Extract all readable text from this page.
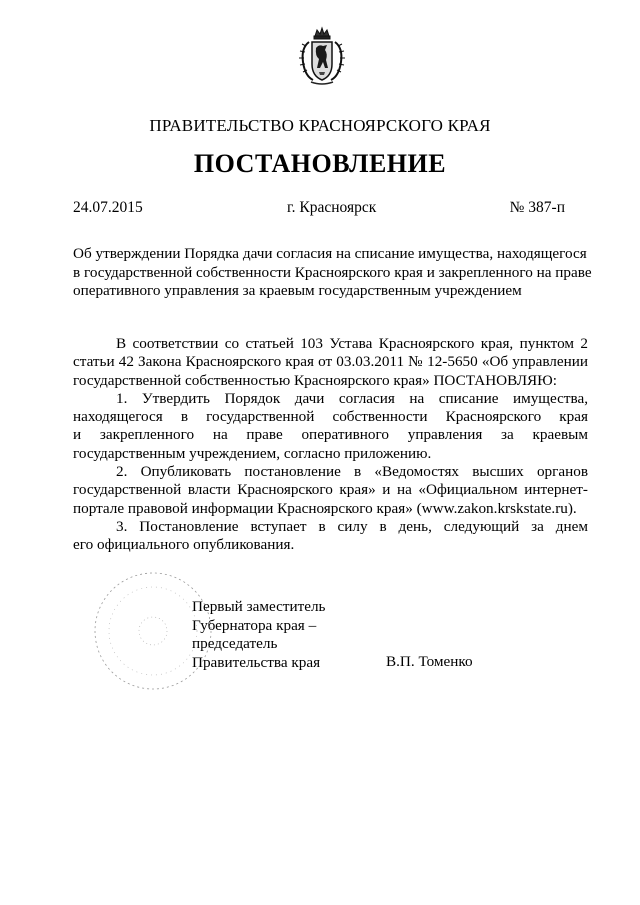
ПРАВИТЕЛЬСТВО КРАСНОЯРСКОГО КРАЯ
ПОСТАНОВЛЕНИЕ
24.07.2015	г. Красноярск	№ 387-п
Об утверждении Порядка дачи согласия на списание имущества, находящегося
в государственной собственности Красноярского края и закрепленного на праве
оперативного управления за краевым государственным учреждением
В соответствии со статьей 103 Устава Красноярского края, пунктом 2
статьи 42 Закона Красноярского края от 03.03.2011 № 12-5650 «Об управлении
государственной собственностью Красноярского края» ПОСТАНОВЛЯЮ:
1. Утвердить Порядок дачи согласия на списание имущества,
находящегося в государственной собственности Красноярского края
и закрепленного на праве оперативного управления за краевым
государственным учреждением, согласно приложению.
2. Опубликовать постановление в «Ведомостях высших органов
государственной власти Красноярского края» и на «Официальном интернет-
портале правовой информации Красноярского края» (www.zakon.krskstate.ru).
3. Постановление вступает в силу в день, следующий за днем
его официального опубликования.
Первый заместитель
Губернатора края –
председатель
Правительства края	В.П. Томенко
